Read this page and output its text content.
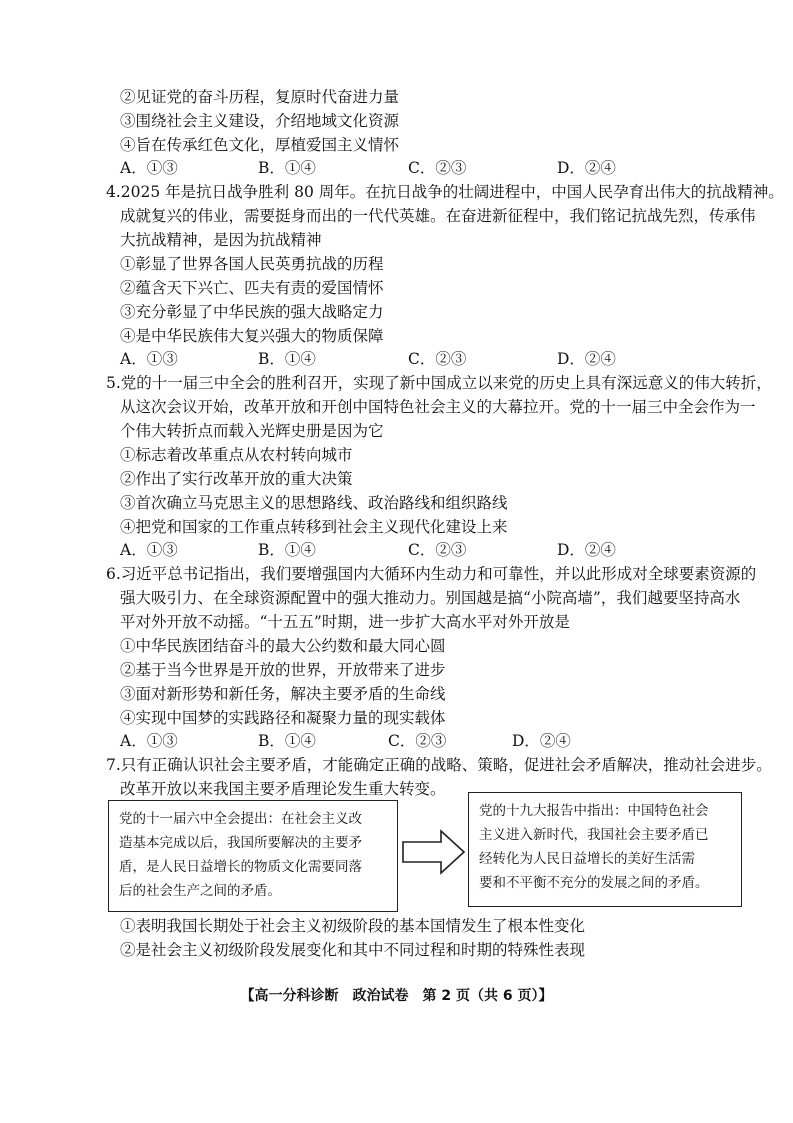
②见证党的奋斗历程，复原时代奋进力量
③围绕社会主义建设，介绍地域文化资源
④旨在传承红色文化，厚植爱国主义情怀
A．①③	B．①④	C．②③	D．②④
4.2025 年是抗日战争胜利 80 周年。在抗日战争的壮阔进程中，中国人民孕育出伟大的抗战精神。
成就复兴的伟业，需要挺身而出的一代代英雄。在奋进新征程中，我们铭记抗战先烈，传承伟
大抗战精神，是因为抗战精神
①彰显了世界各国人民英勇抗战的历程
②蕴含天下兴亡、匹夫有责的爱国情怀
③充分彰显了中华民族的强大战略定力
④是中华民族伟大复兴强大的物质保障
A．①③	B．①④	C．②③	D．②④
5.党的十一届三中全会的胜利召开，实现了新中国成立以来党的历史上具有深远意义的伟大转折，
从这次会议开始，改革开放和开创中国特色社会主义的大幕拉开。党的十一届三中全会作为一
个伟大转折点而载入光辉史册是因为它
①标志着改革重点从农村转向城市
②作出了实行改革开放的重大决策
③首次确立马克思主义的思想路线、政治路线和组织路线
④把党和国家的工作重点转移到社会主义现代化建设上来
A．①③	B．①④	C．②③	D．②④
6.习近平总书记指出，我们要增强国内大循环内生动力和可靠性，并以此形成对全球要素资源的
强大吸引力、在全球资源配置中的强大推动力。别国越是搞“小院高墙”，我们越要坚持高水
平对外开放不动摇。“十五五”时期，进一步扩大高水平对外开放是
①中华民族团结奋斗的最大公约数和最大同心圆
②基于当今世界是开放的世界，开放带来了进步
③面对新形势和新任务，解决主要矛盾的生命线
④实现中国梦的实践路径和凝聚力量的现实载体
A．①③	B．①④	C．②③	D．②④
7.只有正确认识社会主要矛盾，才能确定正确的战略、策略，促进社会矛盾解决，推动社会进步。
改革开放以来我国主要矛盾理论发生重大转变。
党的十一届六中全会提出：在社会主义改
造基本完成以后，我国所要解决的主要矛
盾，是人民日益增长的物质文化需要同落
后的社会生产之间的矛盾。
党的十九大报告中指出：中国特色社会
主义进入新时代，我国社会主要矛盾已
经转化为人民日益增长的美好生活需
要和不平衡不充分的发展之间的矛盾。
①表明我国长期处于社会主义初级阶段的基本国情发生了根本性变化
②是社会主义初级阶段发展变化和其中不同过程和时期的特殊性表现
【高一分科诊断　政治试卷　第 2 页（共 6 页）】
